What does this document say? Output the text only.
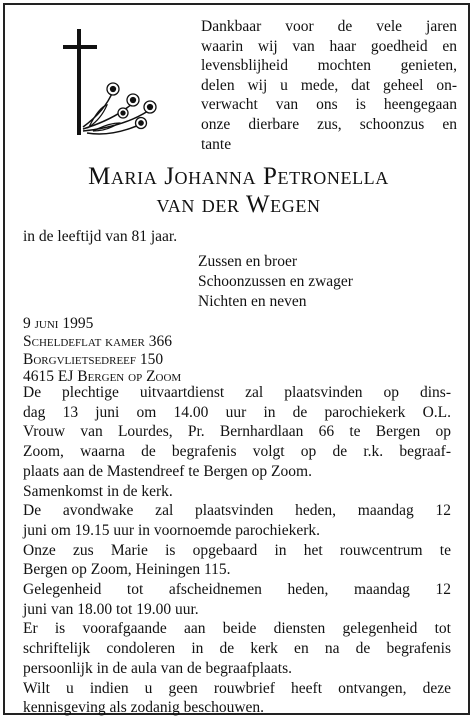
Dankbaar voor de vele jaren
waarin wij van haar goedheid en
levensblijheid mochten genieten,
delen wij u mede, dat geheel on-
verwacht van ons is heengegaan
onze dierbare zus, schoonzus en
tante
Maria Johanna Petronella
van der Wegen
in de leeftijd van 81 jaar.
Zussen en broer
Schoonzussen en zwager
Nichten en neven
9 juni 1995
Scheldeflat kamer 366
Borgvlietsedreef 150
4615 EJ Bergen op Zoom
De plechtige uitvaartdienst zal plaatsvinden op dins-
dag 13 juni om 14.00 uur in de parochiekerk O.L.
Vrouw van Lourdes, Pr. Bernhardlaan 66 te Bergen op
Zoom, waarna de begrafenis volgt op de r.k. begraaf-
plaats aan de Mastendreef te Bergen op Zoom.
Samenkomst in de kerk.
De avondwake zal plaatsvinden heden, maandag 12
juni om 19.15 uur in voornoemde parochiekerk.
Onze zus Marie is opgebaard in het rouwcentrum te
Bergen op Zoom, Heiningen 115.
Gelegenheid tot afscheidnemen heden, maandag 12
juni van 18.00 tot 19.00 uur.
Er is voorafgaande aan beide diensten gelegenheid tot
schriftelijk condoleren in de kerk en na de begrafenis
persoonlijk in de aula van de begraafplaats.
Wilt u indien u geen rouwbrief heeft ontvangen, deze
kennisgeving als zodanig beschouwen.
